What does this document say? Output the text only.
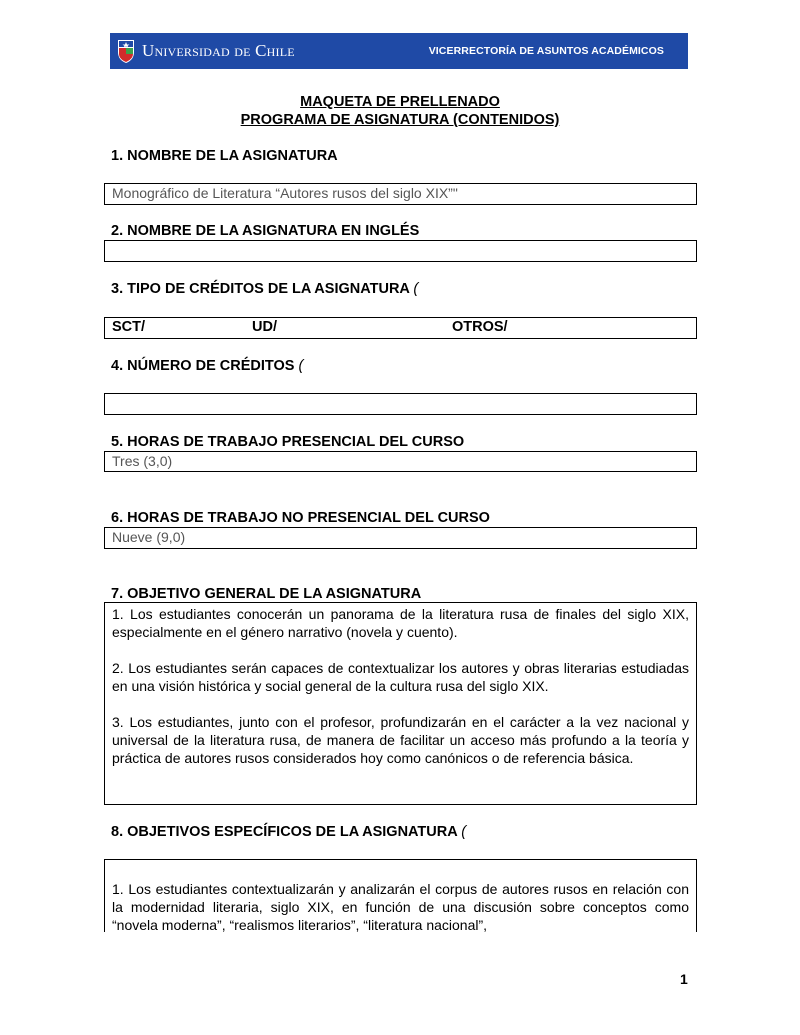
Universidad de Chile	VICERRECTORÍA DE ASUNTOS ACADÉMICOS
MAQUETA DE PRELLENADO
PROGRAMA DE ASIGNATURA (CONTENIDOS)
1. NOMBRE DE LA ASIGNATURA
Monográfico de Literatura “Autores rusos del siglo XIX”"
2. NOMBRE DE LA ASIGNATURA EN INGLÉS
3. TIPO DE CRÉDITOS DE LA ASIGNATURA (
SCT/	UD/	OTROS/
4. NÚMERO DE CRÉDITOS (
5. HORAS DE TRABAJO PRESENCIAL DEL CURSO
Tres (3,0)
6. HORAS DE TRABAJO NO PRESENCIAL DEL CURSO
Nueve (9,0)
7. OBJETIVO GENERAL DE LA ASIGNATURA

1. Los estudiantes conocerán un panorama de la literatura rusa de finales del siglo XIX, especialmente en el género narrativo (novela y cuento).

2. Los estudiantes serán capaces de contextualizar los autores y obras literarias estudiadas en una visión histórica y social general de la cultura rusa del siglo XIX.

3. Los estudiantes, junto con el profesor, profundizarán en el carácter a la vez nacional y universal de la literatura rusa, de manera de facilitar un acceso más profundo a la teoría y práctica de autores rusos considerados hoy como canónicos o de referencia básica.

8. OBJETIVOS ESPECÍFICOS DE LA ASIGNATURA (

1. Los estudiantes contextualizarán y analizarán el corpus de autores rusos en relación con la modernidad literaria, siglo XIX, en función de una discusión sobre conceptos como “novela moderna”, “realismos literarios”, “literatura nacional”,

1
